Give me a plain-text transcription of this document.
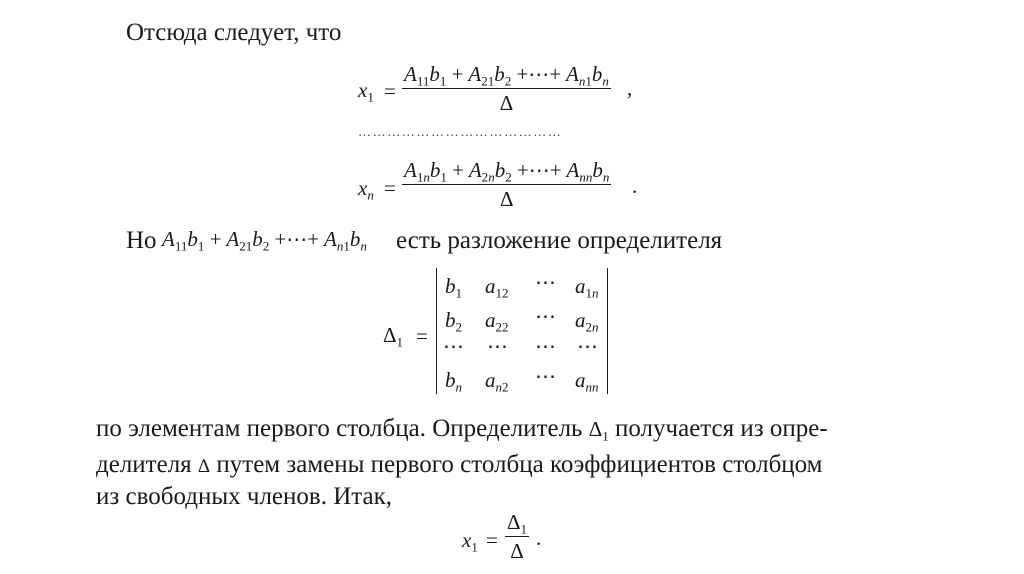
Отсюда следует, что
$x_1 = \frac{A_{11}b_1 + A_{21}b_2 +\cdots+ A_{n1}b_n}{\Delta}$ ,
……………………………………
$x_n$ =
$A_{1n}b_1 + A_{2n}b_2$ +⋯+ $A_{nn}b_n$
Δ
.
Но $A_{11}b_1 + A_{21}b_2$ +⋯+ $A_{n1}b_n$ есть разложение определителя
$\Delta_1$ =
$b_1$ $a_{12}$ ⋯ $a_{1n}$
$b_2$ $a_{22}$ ⋯ $a_{2n}$
⋯ ⋯ ⋯ ⋯
$b_n$ $a_{n2}$ ⋯ $a_{nn}$
по элементам первого столбца. Определитель $\Delta_1$ получается из опре-
делителя Δ путем замены первого столбца коэффициентов столбцом
из свободных членов. Итак,
$x_1 = \frac{\Delta_1}{\Delta}$ .
